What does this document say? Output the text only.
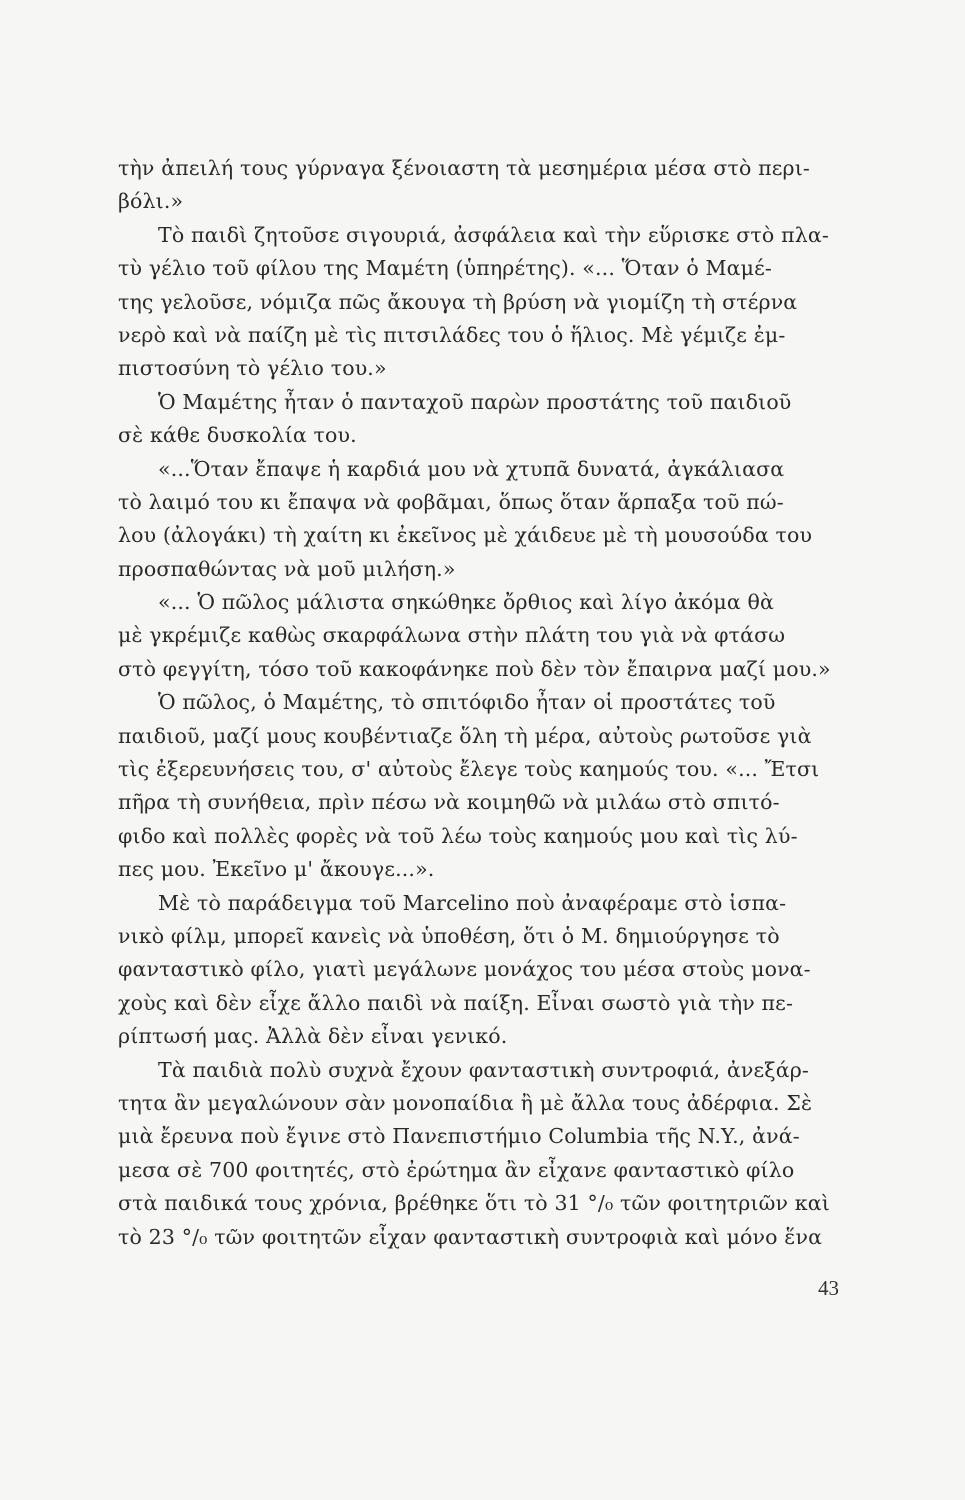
τὴν ἀπειλή τους γύρναγα ξένοιαστη τὰ μεσημέρια μέσα στὸ περι-
βόλι.»
Τὸ παιδὶ ζητοῦσε σιγουριά, ἀσφάλεια καὶ τὴν εὕρισκε στὸ πλα-
τὺ γέλιο τοῦ φίλου της Μαμέτη (ὑπηρέτης). «... Ὅταν ὁ Μαμέ-
της γελοῦσε, νόμιζα πῶς ἄκουγα τὴ βρύση νὰ γιομίζη τὴ στέρνα
νερὸ καὶ νὰ παίζη μὲ τὶς πιτσιλάδες του ὁ ἥλιος. Μὲ γέμιζε ἐμ-
πιστοσύνη τὸ γέλιο του.»
Ὁ Μαμέτης ἦταν ὁ πανταχοῦ παρὼν προστάτης τοῦ παιδιοῦ
σὲ κάθε δυσκολία του.
«...Ὅταν ἔπαψε ἡ καρδιά μου νὰ χτυπᾶ δυνατά, ἀγκάλιασα
τὸ λαιμό του κι ἔπαψα νὰ φοβᾶμαι, ὅπως ὅταν ἅρπαξα τοῦ πώ-
λου (ἀλογάκι) τὴ χαίτη κι ἐκεῖνος μὲ χάιδευε μὲ τὴ μουσούδα του
προσπαθώντας νὰ μοῦ μιλήση.»
«... Ὁ πῶλος μάλιστα σηκώθηκε ὄρθιος καὶ λίγο ἀκόμα θὰ
μὲ γκρέμιζε καθὼς σκαρφάλωνα στὴν πλάτη του γιὰ νὰ φτάσω
στὸ φεγγίτη, τόσο τοῦ κακοφάνηκε ποὺ δὲν τὸν ἔπαιρνα μαζί μου.»
Ὁ πῶλος, ὁ Μαμέτης, τὸ σπιτόφιδο ἦταν οἱ προστάτες τοῦ
παιδιοῦ, μαζί μους κουβέντιαζε ὅλη τὴ μέρα, αὐτοὺς ρωτοῦσε γιὰ
τὶς ἐξερευνήσεις του, σ' αὐτοὺς ἔλεγε τοὺς καημούς του. «... Ἔτσι
πῆρα τὴ συνήθεια, πρὶν πέσω νὰ κοιμηθῶ νὰ μιλάω στὸ σπιτό-
φιδο καὶ πολλὲς φορὲς νὰ τοῦ λέω τοὺς καημούς μου καὶ τὶς λύ-
πες μου. Ἐκεῖνο μ' ἄκουγε...».
Μὲ τὸ παράδειγμα τοῦ Marcelino ποὺ ἀναφέραμε στὸ ἱσπα-
νικὸ φίλμ, μπορεῖ κανεὶς νὰ ὑποθέση, ὅτι ὁ Μ. δημιούργησε τὸ
φανταστικὸ φίλο, γιατὶ μεγάλωνε μονάχος του μέσα στοὺς μονα-
χοὺς καὶ δὲν εἶχε ἄλλο παιδὶ νὰ παίξη. Εἶναι σωστὸ γιὰ τὴν πε-
ρίπτωσή μας. Ἀλλὰ δὲν εἶναι γενικό.
Τὰ παιδιὰ πολὺ συχνὰ ἔχουν φανταστικὴ συντροφιά, ἀνεξάρ-
τητα ἂν μεγαλώνουν σὰν μονοπαίδια ἢ μὲ ἄλλα τους ἀδέρφια. Σὲ
μιὰ ἔρευνα ποὺ ἔγινε στὸ Πανεπιστήμιο Columbia τῆς N.Y., ἀνά-
μεσα σὲ 700 φοιτητές, στὸ ἐρώτημα ἂν εἶχανε φανταστικὸ φίλο
στὰ παιδικά τους χρόνια, βρέθηκε ὅτι τὸ 31 °/₀ τῶν φοιτητριῶν καὶ
τὸ 23 °/₀ τῶν φοιτητῶν εἶχαν φανταστικὴ συντροφιὰ καὶ μόνο ἕνα
43
